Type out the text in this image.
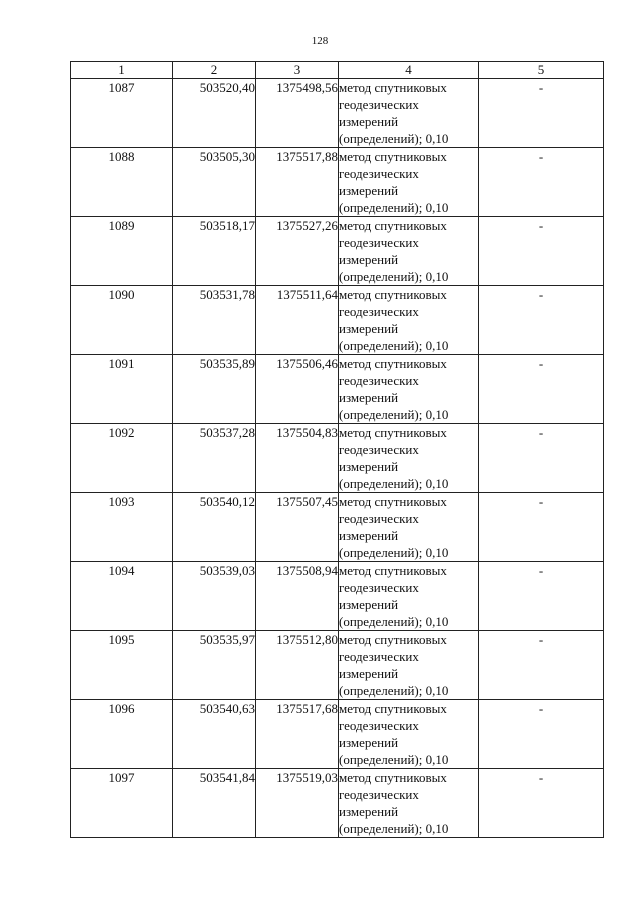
128
1	2	3	4	5
1087	503520,40	1375498,56	метод спутниковых
геодезических
измерений
(определений); 0,10	-
1088	503505,30	1375517,88	метод спутниковых
геодезических
измерений
(определений); 0,10	-
1089	503518,17	1375527,26	метод спутниковых
геодезических
измерений
(определений); 0,10	-
1090	503531,78	1375511,64	метод спутниковых
геодезических
измерений
(определений); 0,10	-
1091	503535,89	1375506,46	метод спутниковых
геодезических
измерений
(определений); 0,10	-
1092	503537,28	1375504,83	метод спутниковых
геодезических
измерений
(определений); 0,10	-
1093	503540,12	1375507,45	метод спутниковых
геодезических
измерений
(определений); 0,10	-
1094	503539,03	1375508,94	метод спутниковых
геодезических
измерений
(определений); 0,10	-
1095	503535,97	1375512,80	метод спутниковых
геодезических
измерений
(определений); 0,10	-
1096	503540,63	1375517,68	метод спутниковых
геодезических
измерений
(определений); 0,10	-
1097	503541,84	1375519,03	метод спутниковых
геодезических
измерений
(определений); 0,10	-
